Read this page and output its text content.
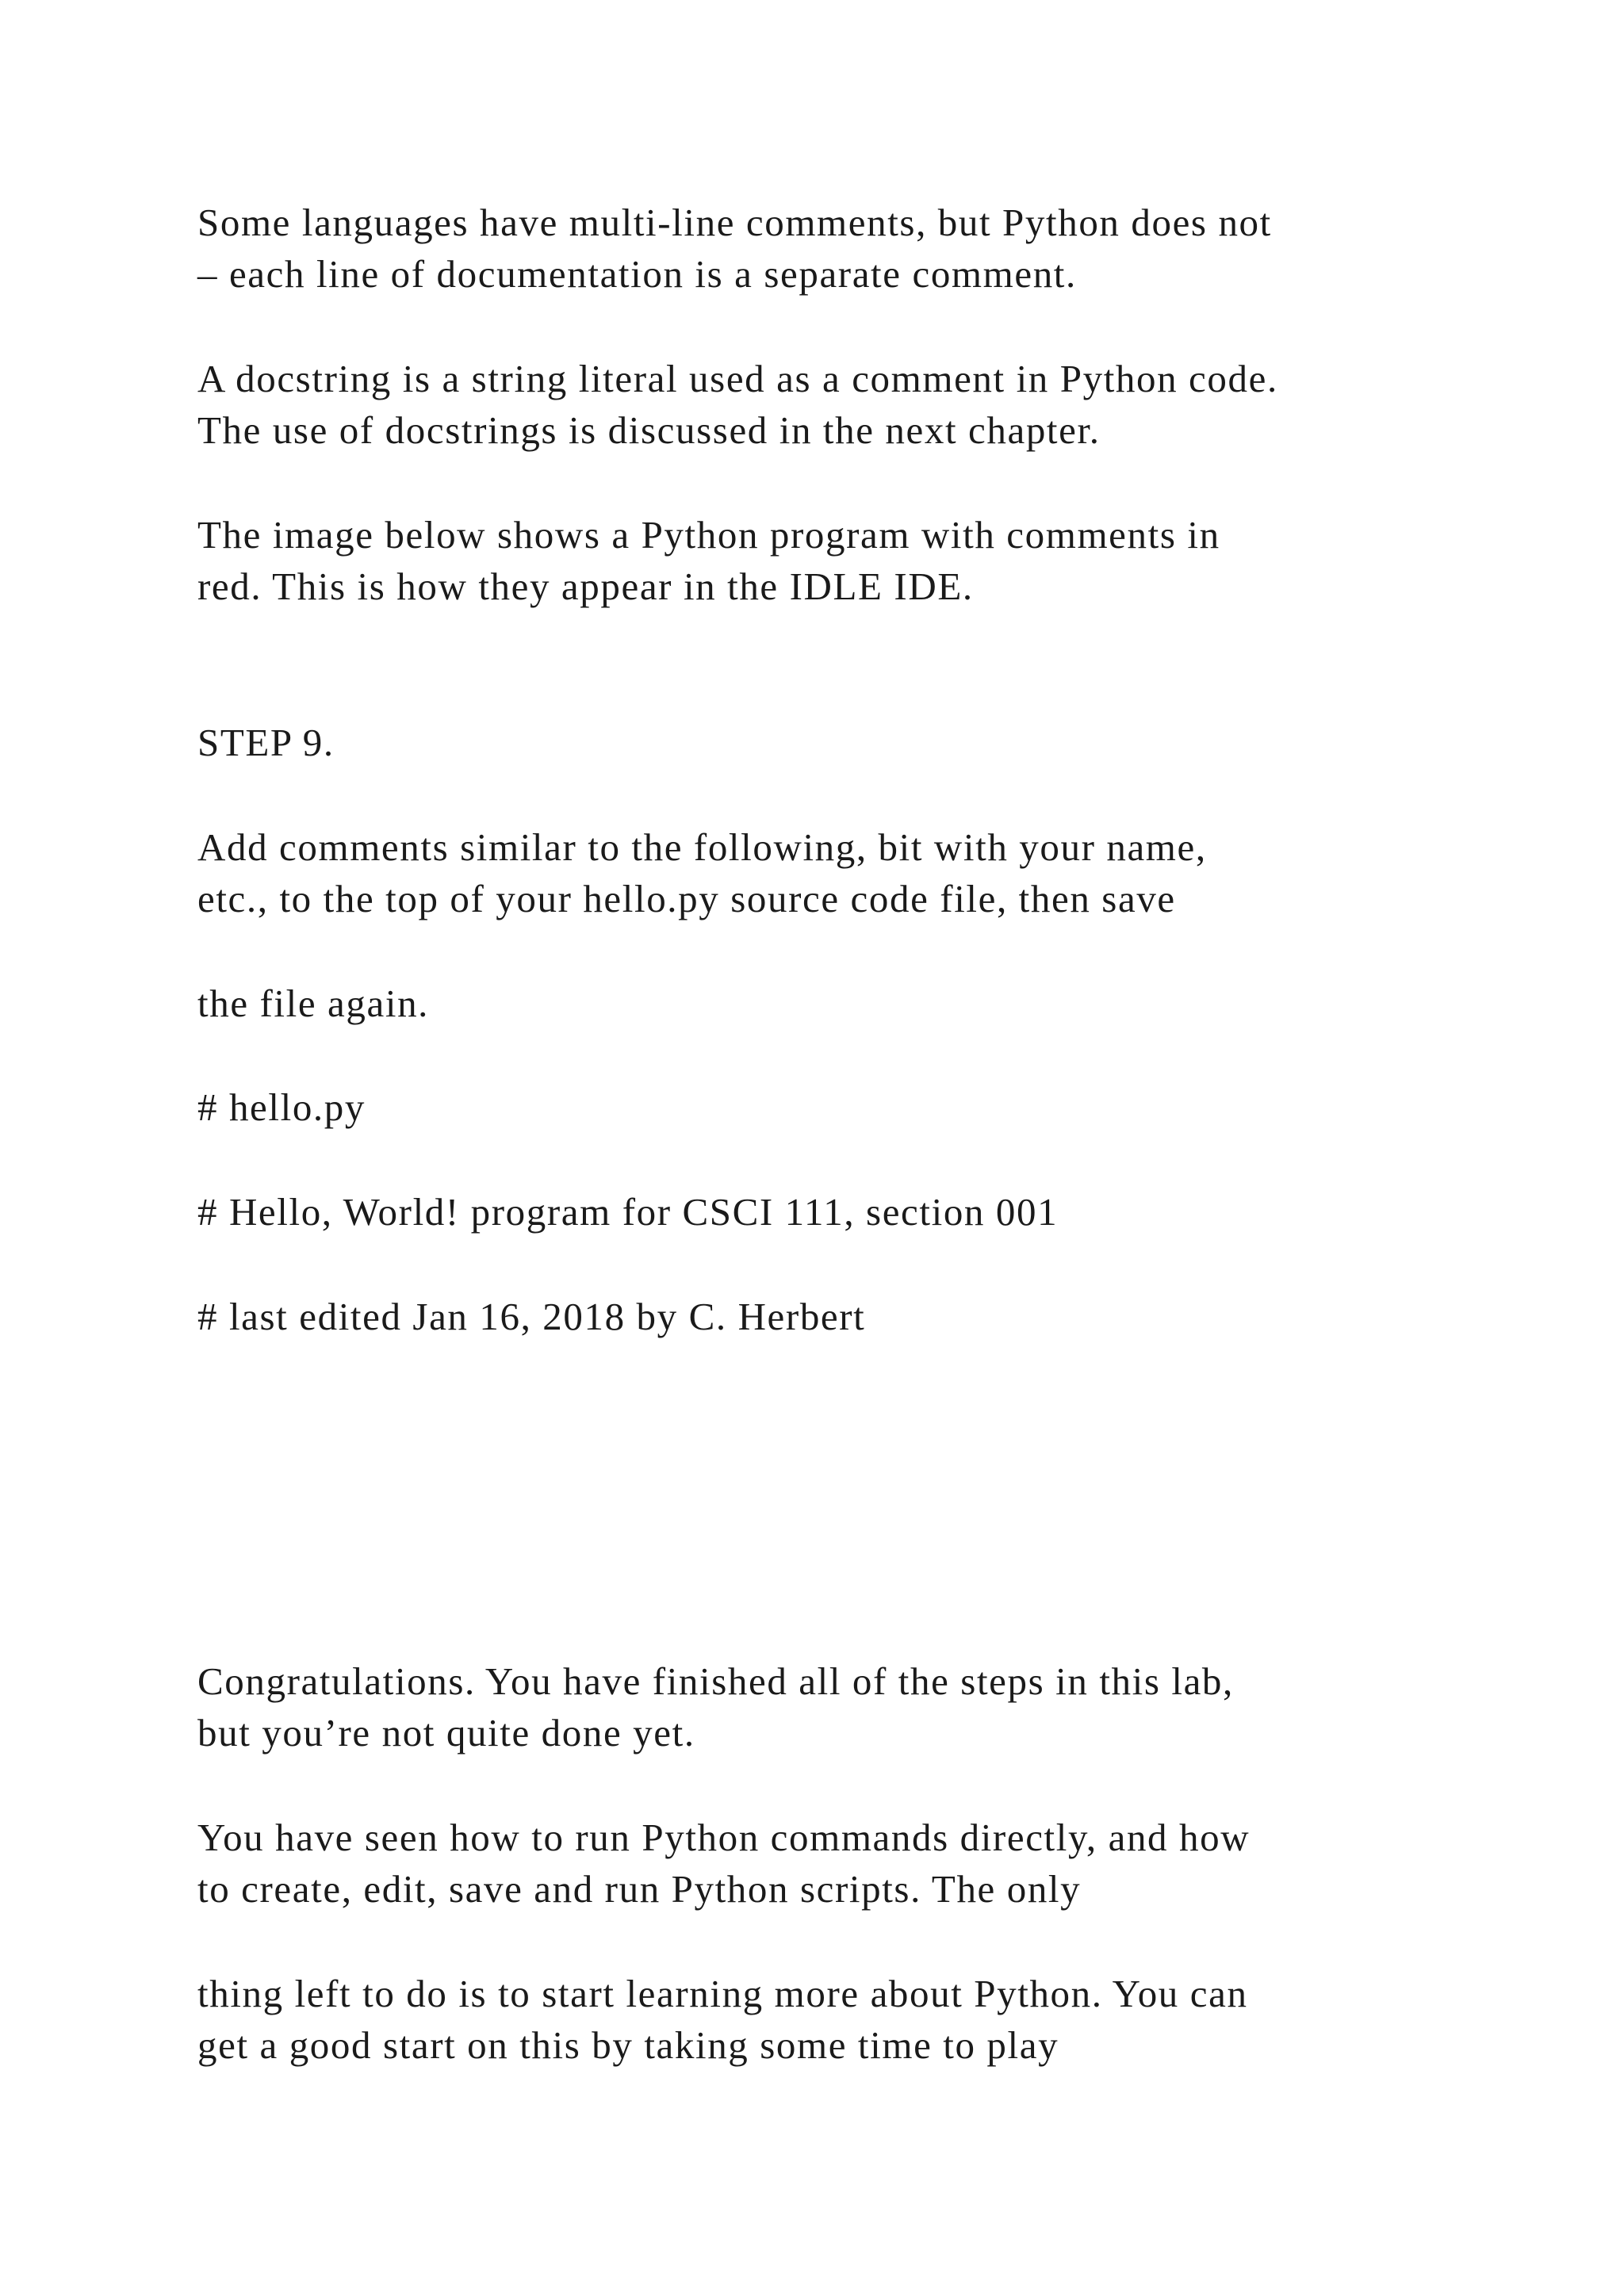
Some languages have multi-line comments, but Python does not

– each line of documentation is a separate comment.

A docstring is a string literal used as a comment in Python code.

The use of docstrings is discussed in the next chapter.

The image below shows a Python program with comments in

red. This is how they appear in the IDLE IDE.

STEP 9.

Add comments similar to the following, bit with your name,

etc., to the top of your hello.py source code file, then save

the file again.

# hello.py

# Hello, World! program for CSCI 111, section 001

# last edited Jan 16, 2018 by C. Herbert

Congratulations. You have finished all of the steps in this lab,

but you’re not quite done yet.

You have seen how to run Python commands directly, and how

to create, edit, save and run Python scripts. The only

thing left to do is to start learning more about Python. You can

get a good start on this by taking some time to play
